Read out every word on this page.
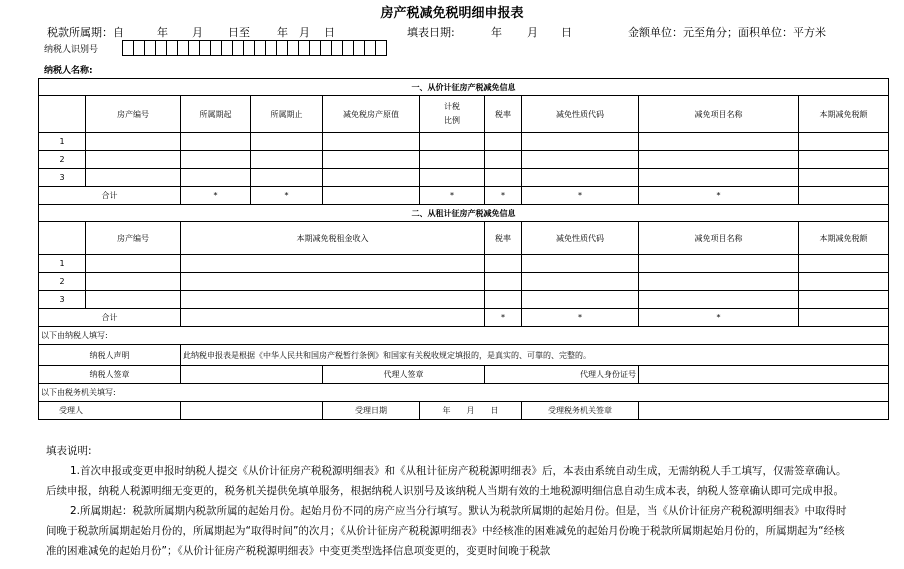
房产税减免税明细申报表
税款所属期：自	年 月 日至 年 月 日	填表日期:	年 月 日	金额单位：元至角分；面积单位：平方米
纳税人识别号
纳税人名称:
一、从价计征房产税减免信息									
	房产编号	所属期起	所属期止	减免税房产原值	计税比例	税率	减免性质代码	减免项目名称	本期减免税额
1									
2									
3									
合计		*	*		*	*	*	*	
二、从租计征房产税减免信息									
	房产编号	本期减免税租金收入				税率	减免性质代码	减免项目名称	本期减免税额
1									
2									
3									
合计						*	*	*	
以下由纳税人填写:									
纳税人声明		此纳税申报表是根据《中华人民共和国房产税暂行条例》和国家有关税收规定填报的，是真实的、可靠的、完整的。							
纳税人签章				代理人签章		代理人身份证号			
以下由税务机关填写:									
受理人				受理日期	年　　月　　日		受理税务机关签章		

填表说明:

1.首次申报或变更申报时纳税人提交《从价计征房产税税源明细表》和《从租计征房产税税源明细表》后，本表由系统自动生成，无需纳税人手工填写，仅需签章确认。后续申报，纳税人税源明细无变更的，税务机关提供免填单服务，根据纳税人识别号及该纳税人当期有效的土地税源明细信息自动生成本表，纳税人签章确认即可完成申报。

2.所属期起：税款所属期内税款所属的起始月份。起始月份不同的房产应当分行填写。默认为税款所属期的起始月份。但是，当《从价计征房产税税源明细表》中取得时间晚于税款所属期起始月份的，所属期起为“取得时间”的次月；《从价计征房产税税源明细表》中经核准的困难减免的起始月份晚于税款所属期起始月份的，所属期起为“经核准的困难减免的起始月份”；《从价计征房产税税源明细表》中变更类型选择信息项变更的，变更时间晚于税款
